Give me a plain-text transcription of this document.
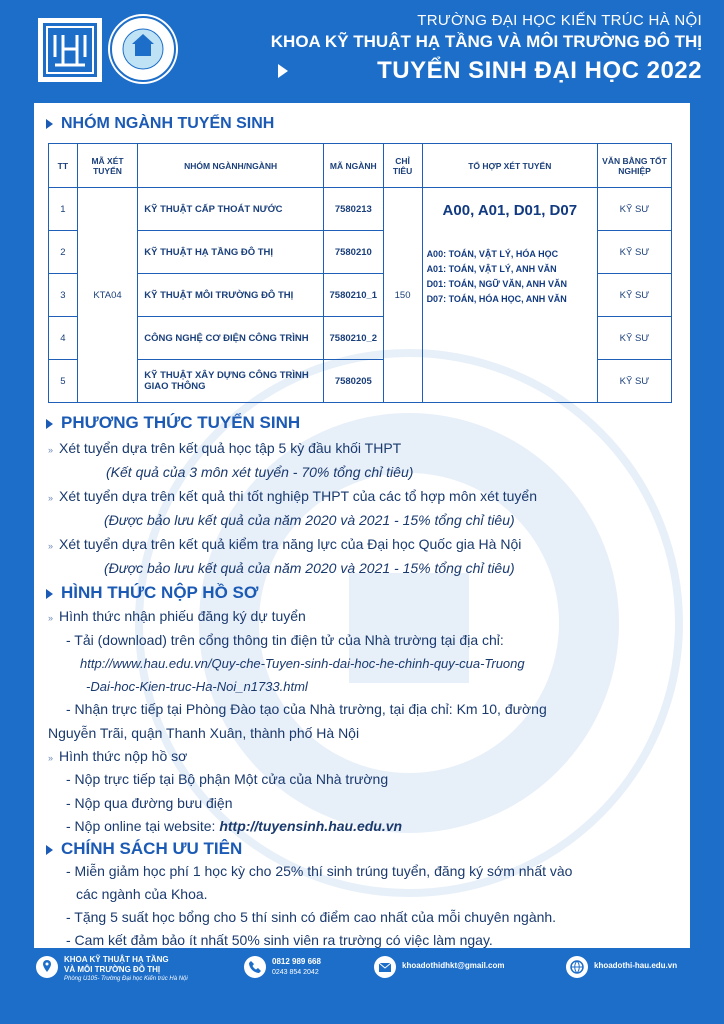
TRƯỜNG ĐẠI HỌC KIẾN TRÚC HÀ NỘI
KHOA KỸ THUẬT HẠ TẦNG VÀ MÔI TRƯỜNG ĐÔ THỊ
TUYỂN SINH ĐẠI HỌC 2022
NHÓM NGÀNH TUYỂN SINH
TT	MÃ XÉT TUYỂN	NHÓM NGÀNH/NGÀNH	MÃ NGÀNH	CHỈ TIÊU	TỔ HỢP XÉT TUYỂN	VĂN BẰNG TỐT NGHIỆP
1	KTA04	KỸ THUẬT CẤP THOÁT NƯỚC	7580213	150	A00, A01, D01, D07
A00: TOÁN, VẬT LÝ, HÓA HỌC
A01: TOÁN, VẬT LÝ, ANH VĂN
D01: TOÁN, NGỮ VĂN, ANH VĂN
D07: TOÁN, HÓA HỌC, ANH VĂN	KỸ SƯ
2		KỸ THUẬT HẠ TẦNG ĐÔ THỊ	7580210			KỸ SƯ
3		KỸ THUẬT MÔI TRƯỜNG ĐÔ THỊ	7580210_1			KỸ SƯ
4		CÔNG NGHỆ CƠ ĐIỆN CÔNG TRÌNH	7580210_2			KỸ SƯ
5		KỸ THUẬT XÂY DỰNG CÔNG TRÌNH GIAO THÔNG	7580205			KỸ SƯ
PHƯƠNG THỨC TUYỂN SINH
» Xét tuyển dựa trên kết quả học tập 5 kỳ đầu khối THPT
(Kết quả của 3 môn xét tuyển - 70% tổng chỉ tiêu)
» Xét tuyển dựa trên kết quả thi tốt nghiệp THPT của các tổ hợp môn xét tuyển
(Được bảo lưu kết quả của năm 2020 và 2021 - 15% tổng chỉ tiêu)
» Xét tuyển dựa trên kết quả kiểm tra năng lực của Đại học Quốc gia Hà Nội
(Được bảo lưu kết quả của năm 2020 và 2021 - 15% tổng chỉ tiêu)
HÌNH THỨC NỘP HỒ SƠ
» Hình thức nhận phiếu đăng ký dự tuyển
- Tải (download) trên cổng thông tin điện tử của Nhà trường tại địa chỉ:
http://www.hau.edu.vn/Quy-che-Tuyen-sinh-dai-hoc-he-chinh-quy-cua-Truong
-Dai-hoc-Kien-truc-Ha-Noi_n1733.html
- Nhận trực tiếp tại Phòng Đào tạo của Nhà trường, tại địa chỉ: Km 10, đường
Nguyễn Trãi, quận Thanh Xuân, thành phố Hà Nội
» Hình thức nộp hồ sơ
- Nộp trực tiếp tại Bộ phận Một cửa của Nhà trường
- Nộp qua đường bưu điện
- Nộp online tại website: http://tuyensinh.hau.edu.vn
CHÍNH SÁCH ƯU TIÊN
- Miễn giảm học phí 1 học kỳ cho 25% thí sinh trúng tuyển, đăng ký sớm nhất vào
các ngành của Khoa.
- Tặng 5 suất học bổng cho 5 thí sinh có điểm cao nhất của mỗi chuyên ngành.
- Cam kết đảm bảo ít nhất 50% sinh viên ra trường có việc làm ngay.
KHOA KỸ THUẬT HẠ TẦNG
VÀ MÔI TRƯỜNG ĐÔ THỊ
Phòng U105- Trường Đại học Kiến trúc Hà Nội
0812 989 668
0243 854 2042
khoadothidhkt@gmail.com	khoadothi-hau.edu.vn
